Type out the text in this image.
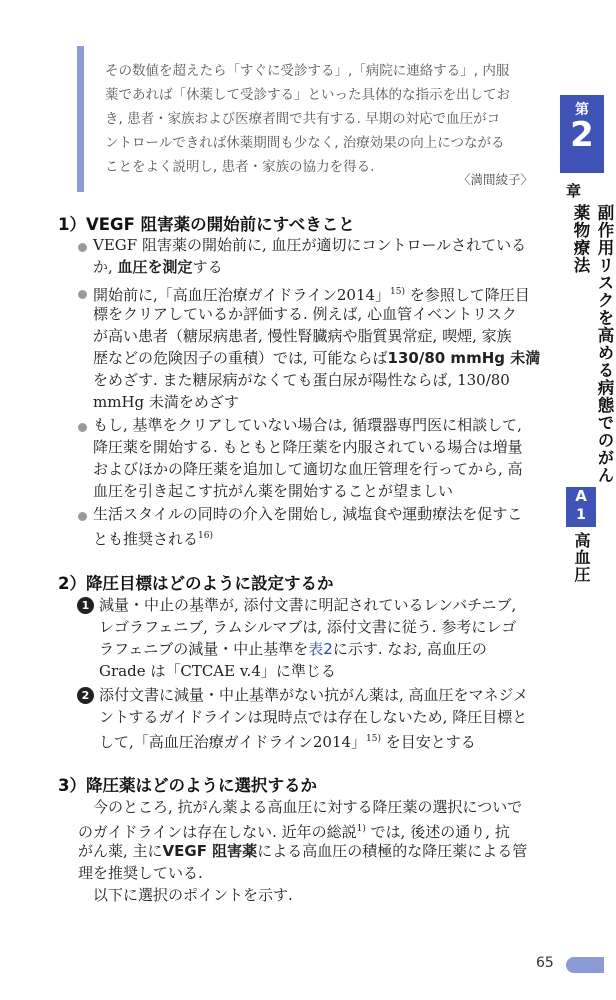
その数値を超えたら「すぐに受診する」,「病院に連絡する」, 内服
薬であれば「休薬して受診する」といった具体的な指示を出してお
き, 患者・家族および医療者間で共有する. 早期の対応で血圧がコ
ントロールできれば休薬期間も少なく, 治療効果の向上につながる
ことをよく説明し, 患者・家族の協力を得る.
〈満間綾子〉
第
2
章
副作用リスクを高める病態でのがん薬物療法
A
1
高血圧
1）VEGF 阻害薬の開始前にすべきこと
VEGF 阻害薬の開始前に, 血圧が適切にコントロールされている
か, 血圧を測定する
開始前に,「高血圧治療ガイドライン2014」$^{15)}$ を参照して降圧目
標をクリアしているか評価する. 例えば, 心血管イベントリスク
が高い患者（糖尿病患者, 慢性腎臓病や脂質異常症, 喫煙, 家族
歴などの危険因子の重積）では, 可能ならば130/80 mmHg 未満
をめざす. また糖尿病がなくても蛋白尿が陽性ならば, 130/80
mmHg 未満をめざす
もし, 基準をクリアしていない場合は, 循環器専門医に相談して,
降圧薬を開始する. もともと降圧薬を内服されている場合は増量
およびほかの降圧薬を追加して適切な血圧管理を行ってから, 高
血圧を引き起こす抗がん薬を開始することが望ましい
生活スタイルの同時の介入を開始し, 減塩食や運動療法を促すこ
とも推奨される$^{16)}$
2）降圧目標はどのように設定するか
1 減量・中止の基準が, 添付文書に明記されているレンバチニブ,
レゴラフェニブ, ラムシルマブは, 添付文書に従う. 参考にレゴ
ラフェニブの減量・中止基準を表2に示す. なお, 高血圧の
Grade は「CTCAE v.4」に準じる
2 添付文書に減量・中止基準がない抗がん薬は, 高血圧をマネジメ
ントするガイドラインは現時点では存在しないため, 降圧目標と
して,「高血圧治療ガイドライン2014」$^{15)}$ を目安とする
3）降圧薬はどのように選択するか
今のところ, 抗がん薬よる高血圧に対する降圧薬の選択についで
のガイドラインは存在しない. 近年の総説$^{1)}$ では, 後述の通り, 抗
がん薬, 主にVEGF 阻害薬による高血圧の積極的な降圧薬による管
理を推奨している.
以下に選択のポイントを示す.
65
